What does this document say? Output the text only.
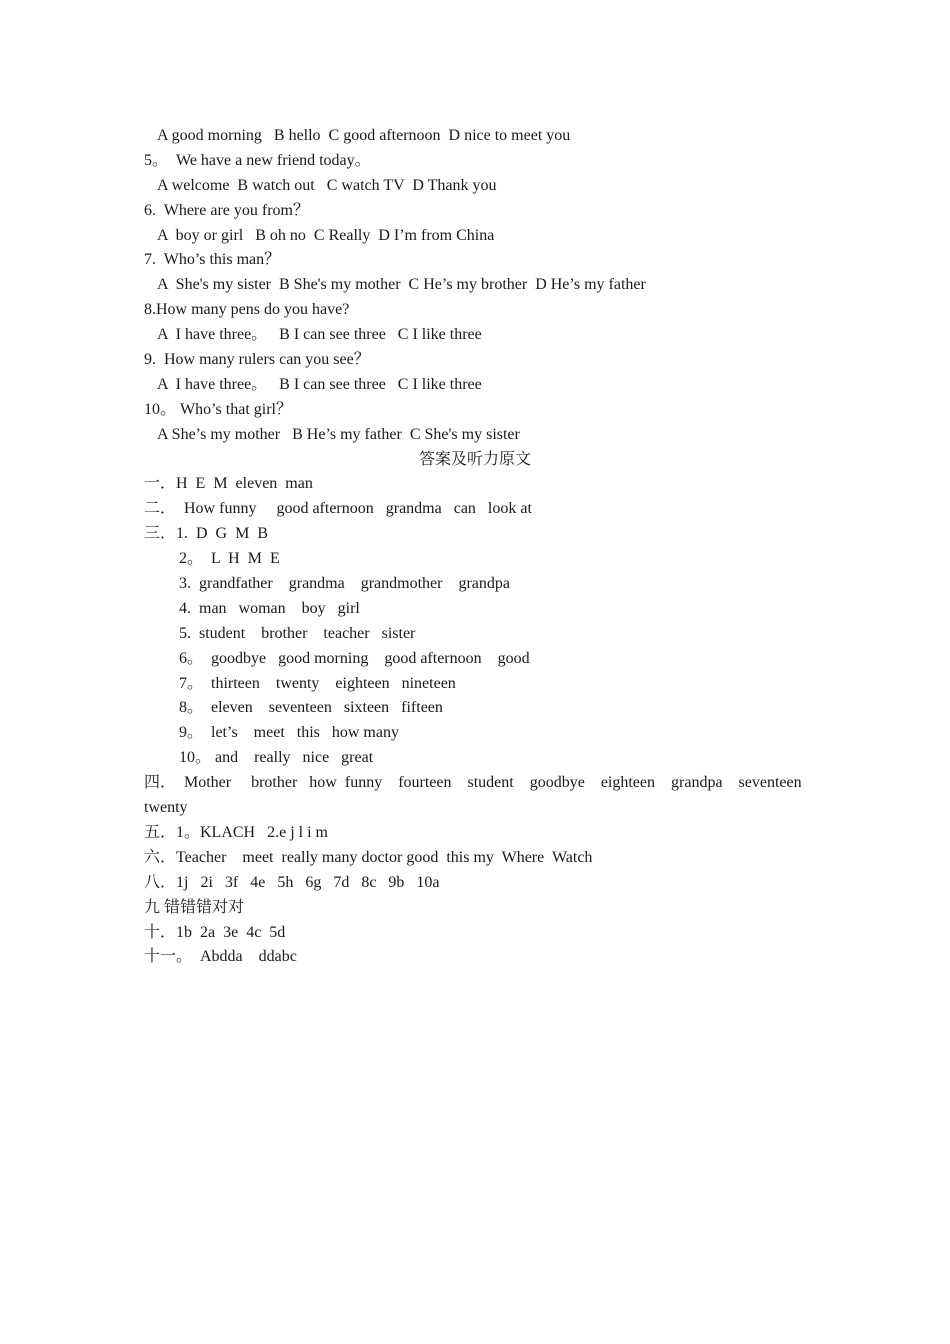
A good morning   B hello  C good afternoon  D nice to meet you
5。  We have a new friend today。
A welcome  B watch out   C watch TV  D Thank you
6.  Where are you from？
A  boy or girl   B oh no  C Really  D I’m from China
7.  Who’s this man？
A  She's my sister  B She's my mother  C He’s my brother  D He’s my father
8.How many pens do you have?
A  I have three。   B I can see three   C I like three
9.  How many rulers can you see？
A  I have three。   B I can see three   C I like three
10。 Who’s that girl？
A She’s my mother   B He’s my father  C She's my sister
答案及听力原文
一．H  E  M  eleven  man
二．  How funny     good afternoon   grandma   can   look at
三．1.  D  G  M  B
2。  L  H  M  E
3.  grandfather    grandma    grandmother    grandpa
4.  man   woman    boy   girl
5.  student    brother    teacher   sister
6。  goodbye   good morning    good afternoon    good
7。  thirteen    twenty    eighteen   nineteen
8。  eleven    seventeen   sixteen   fifteen
9。  let’s    meet   this   how many
10。 and    really   nice   great
四．  Mother     brother   how  funny    fourteen    student    goodbye    eighteen    grandpa    seventeen
twenty
五．1。KLACH   2.e j l i m
六．Teacher    meet  really many doctor good  this my  Where  Watch
八．1j   2i   3f   4e   5h   6g   7d   8c   9b   10a
九 错错错对对
十．1b  2a  3e  4c  5d
十一。  Abdda    ddabc
